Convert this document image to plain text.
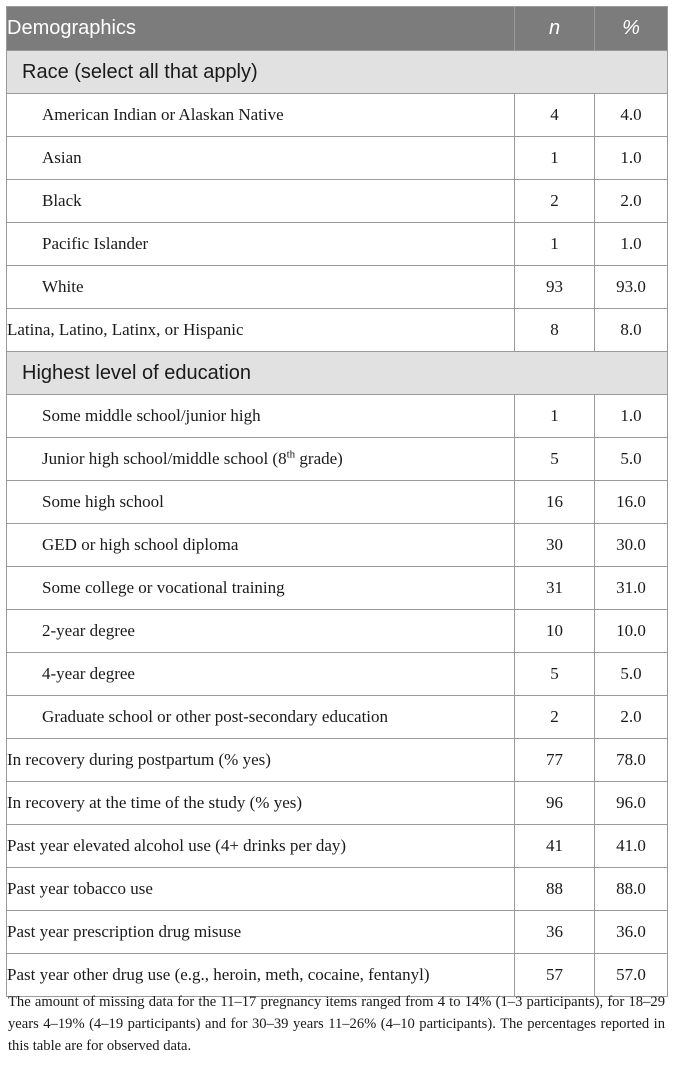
Demographics	n	%
Race (select all that apply)		
American Indian or Alaskan Native	4	4.0
Asian	1	1.0
Black	2	2.0
Pacific Islander	1	1.0
White	93	93.0
Latina, Latino, Latinx, or Hispanic	8	8.0
Highest level of education		
Some middle school/junior high	1	1.0
Junior high school/middle school (8th grade)	5	5.0
Some high school	16	16.0
GED or high school diploma	30	30.0
Some college or vocational training	31	31.0
2-year degree	10	10.0
4-year degree	5	5.0
Graduate school or other post-secondary education	2	2.0
In recovery during postpartum (% yes)	77	78.0
In recovery at the time of the study (% yes)	96	96.0
Past year elevated alcohol use (4+ drinks per day)	41	41.0
Past year tobacco use	88	88.0
Past year prescription drug misuse	36	36.0
Past year other drug use (e.g., heroin, meth, cocaine, fentanyl)	57	57.0
The amount of missing data for the 11–17 pregnancy items ranged from 4 to 14% (1–3 participants), for 18–29 years 4–19% (4–19 participants) and for 30–39 years 11–26% (4–10 participants). The percentages reported in this table are for observed data.
